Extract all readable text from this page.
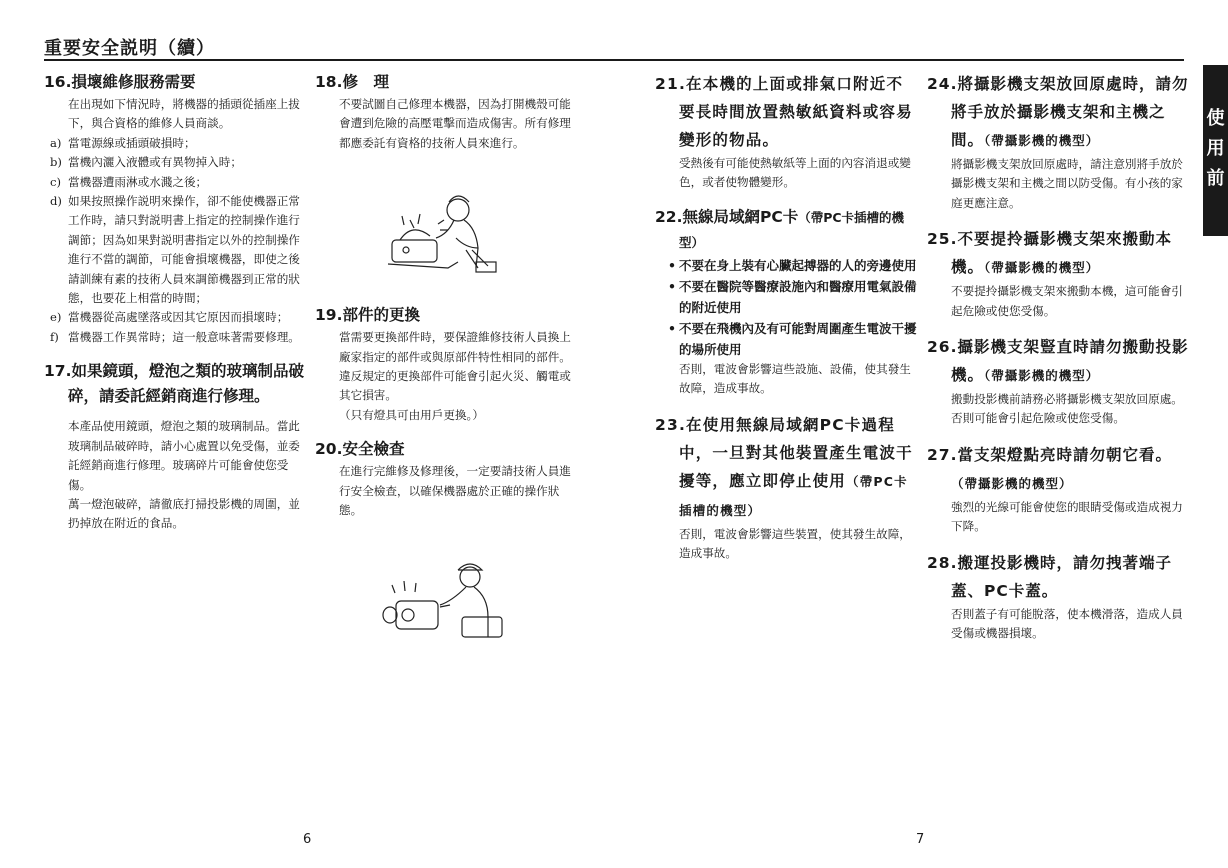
重要安全説明（續）
16.損壞維修服務需要

在出現如下情況時，將機器的插頭從插座上拔下，與合資格的維修人員商談。

a) 當電源線或插頭破損時；
b) 當機內灑入液體或有異物掉入時；
c) 當機器遭雨淋或水濺之後；
d) 如果按照操作説明來操作，卻不能使機器正常工作時，請只對説明書上指定的控制操作進行調節；因為如果對説明書指定以外的控制操作進行不當的調節，可能會損壞機器，即使之後請訓練有素的技術人員來調節機器到正常的狀態，也要花上相當的時間；
e) 當機器從高處墜落或因其它原因而損壞時；
f) 當機器工作異常時；這一般意味著需要修理。
17.如果鏡頭，燈泡之類的玻璃制品破碎，請委託經銷商進行修理。

本產品使用鏡頭，燈泡之類的玻璃制品。當此玻璃制品破碎時，請小心處置以免受傷，並委託經銷商進行修理。玻璃碎片可能會使您受傷。

萬一燈泡破碎，請徹底打掃投影機的周圍，並扔掉放在附近的食品。

18.修　理

不要試圖自己修理本機器，因為打開機殼可能會遭到危險的高壓電擊而造成傷害。所有修理都應委託有資格的技術人員來進行。

19.部件的更換

當需要更換部件時，要保證維修技術人員換上廠家指定的部件或與原部件特性相同的部件。違反規定的更換部件可能會引起火災、觸電或其它損害。

（只有燈具可由用戶更換。）

20.安全檢查

在進行完維修及修理後，一定要請技術人員進行安全檢查，以確保機器處於正確的操作狀態。

21.在本機的上面或排氣口附近不要長時間放置熱敏紙資料或容易變形的物品。

受熱後有可能使熱敏紙等上面的內容消退或變色，或者使物體變形。

22.無線局域網PC卡（帶PC卡插槽的機型）
• 不要在身上裝有心臟起搏器的人的旁邊使用
• 不要在醫院等醫療設施內和醫療用電氣設備的附近使用
• 不要在飛機內及有可能對周圍產生電波干擾的場所使用

否則，電波會影響這些設施、設備，使其發生故障，造成事故。

23.在使用無線局域網PC卡過程中，一旦對其他裝置產生電波干擾等，應立即停止使用（帶PC卡插槽的機型）

否則，電波會影響這些裝置，使其發生故障，造成事故。

24.將攝影機支架放回原處時，請勿將手放於攝影機支架和主機之間。（帶攝影機的機型）

將攝影機支架放回原處時，請注意別將手放於攝影機支架和主機之間以防受傷。有小孩的家庭更應注意。

25.不要提拎攝影機支架來搬動本機。（帶攝影機的機型）

不要提拎攝影機支架來搬動本機，這可能會引起危險或使您受傷。

26.攝影機支架豎直時請勿搬動投影機。（帶攝影機的機型）

搬動投影機前請務必將攝影機支架放回原處。否則可能會引起危險或使您受傷。

27.當支架燈點亮時請勿朝它看。（帶攝影機的機型）

強烈的光線可能會使您的眼睛受傷或造成視力下降。

28.搬運投影機時，請勿拽著端子蓋、PC卡蓋。

否則蓋子有可能脫落，使本機滑落，造成人員受傷或機器損壞。

使
用
前
6	7
